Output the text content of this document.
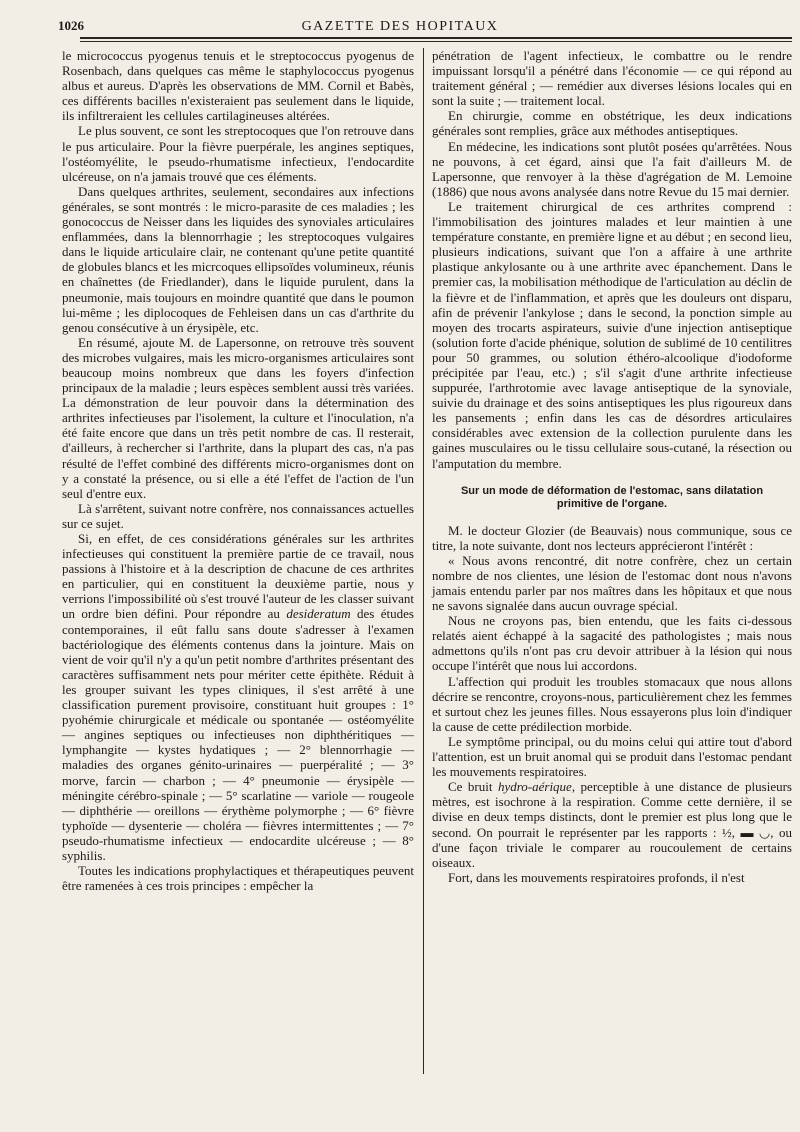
1026	GAZETTE DES HOPITAUX

le micrococcus pyogenus tenuis et le streptococcus pyogenus de Rosenbach, dans quelques cas même le staphylococcus pyogenus albus et aureus. D'après les observations de MM. Cornil et Babès, ces différents bacilles n'existeraient pas seulement dans le liquide, ils infiltreraient les cellules cartilagineuses altérées.

Le plus souvent, ce sont les streptocoques que l'on retrouve dans le pus articulaire. Pour la fièvre puerpérale, les angines septiques, l'ostéomyélite, le pseudo-rhumatisme infectieux, l'endocardite ulcéreuse, on n'a jamais trouvé que ces éléments.

Dans quelques arthrites, seulement, secondaires aux infections générales, se sont montrés : le micro-parasite de ces maladies ; les gonococcus de Neisser dans les liquides des synoviales articulaires enflammées, dans la blennorrhagie ; les streptocoques vulgaires dans le liquide articulaire clair, ne contenant qu'une petite quantité de globules blancs et les micrcoques ellipsoïdes volumineux, réunis en chaînettes (de Friedlander), dans le liquide purulent, dans la pneumonie, mais toujours en moindre quantité que dans le poumon lui-même ; les diplocoques de Fehleisen dans un cas d'arthrite du genou consécutive à un érysipèle, etc.

En résumé, ajoute M. de Lapersonne, on retrouve très souvent des microbes vulgaires, mais les micro-organismes articulaires sont beaucoup moins nombreux que dans les foyers d'infection principaux de la maladie ; leurs espèces semblent aussi très variées. La démonstration de leur pouvoir dans la détermination des arthrites infectieuses par l'isolement, la culture et l'inoculation, n'a été faite encore que dans un très petit nombre de cas. Il resterait, d'ailleurs, à rechercher si l'arthrite, dans la plupart des cas, n'a pas résulté de l'effet combiné des différents micro-organismes dont on y a constaté la présence, ou si elle a été l'effet de l'action de l'un seul d'entre eux.

Là s'arrêtent, suivant notre confrère, nos connaissances actuelles sur ce sujet.

Si, en effet, de ces considérations générales sur les arthrites infectieuses qui constituent la première partie de ce travail, nous passions à l'histoire et à la description de chacune de ces arthrites en particulier, qui en constituent la deuxième partie, nous y verrions l'impossibilité où s'est trouvé l'auteur de les classer suivant un ordre bien défini. Pour répondre au desideratum des études contemporaines, il eût fallu sans doute s'adresser à l'examen bactériologique des éléments contenus dans la jointure. Mais on vient de voir qu'il n'y a qu'un petit nombre d'arthrites présentant des caractères suffisamment nets pour mériter cette épithète. Réduit à les grouper suivant les types cliniques, il s'est arrêté à une classification purement provisoire, constituant huit groupes : 1° pyohémie chirurgicale et médicale ou spontanée — ostéomyélite — angines septiques ou infectieuses non diphthéritiques — lymphangite — kystes hydatiques ; — 2° blennorrhagie — maladies des organes génito-urinaires — puerpéralité ; — 3° morve, farcin — charbon ; — 4° pneumonie — érysipèle — méningite cérébro-spinale ; — 5° scarlatine — variole — rougeole — diphthérie — oreillons — érythème polymorphe ; — 6° fièvre typhoïde — dysenterie — choléra — fièvres intermittentes ; — 7° pseudo-rhumatisme infectieux — endocardite ulcéreuse ; — 8° syphilis.

Toutes les indications prophylactiques et thérapeutiques peuvent être ramenées à ces trois principes : empêcher la

pénétration de l'agent infectieux, le combattre ou le rendre impuissant lorsqu'il a pénétré dans l'économie — ce qui répond au traitement général ; — remédier aux diverses lésions locales qui en sont la suite ; — traitement local.

En chirurgie, comme en obstétrique, les deux indications générales sont remplies, grâce aux méthodes antiseptiques.

En médecine, les indications sont plutôt posées qu'arrêtées. Nous ne pouvons, à cet égard, ainsi que l'a fait d'ailleurs M. de Lapersonne, que renvoyer à la thèse d'agrégation de M. Lemoine (1886) que nous avons analysée dans notre Revue du 15 mai dernier.

Le traitement chirurgical de ces arthrites comprend : l'immobilisation des jointures malades et leur maintien à une température constante, en première ligne et au début ; en second lieu, plusieurs indications, suivant que l'on a affaire à une arthrite plastique ankylosante ou à une arthrite avec épanchement. Dans le premier cas, la mobilisation méthodique de l'articulation au déclin de la fièvre et de l'inflammation, et après que les douleurs ont disparu, afin de prévenir l'ankylose ; dans le second, la ponction simple au moyen des trocarts aspirateurs, suivie d'une injection antiseptique (solution forte d'acide phénique, solution de sublimé de 10 centilitres pour 50 grammes, ou solution éthéro-alcoolique d'iodoforme précipitée par l'eau, etc.) ; s'il s'agit d'une arthrite infectieuse suppurée, l'arthrotomie avec lavage antiseptique de la synoviale, suivie du drainage et des soins antiseptiques les plus rigoureux dans les pansements ; enfin dans les cas de désordres articulaires considérables avec extension de la collection purulente dans les gaines musculaires ou le tissu cellulaire sous-cutané, la résection ou l'amputation du membre.

Sur un mode de déformation de l'estomac, sans dilatation primitive de l'organe.

M. le docteur Glozier (de Beauvais) nous communique, sous ce titre, la note suivante, dont nos lecteurs apprécieront l'intérêt :

« Nous avons rencontré, dit notre confrère, chez un certain nombre de nos clientes, une lésion de l'estomac dont nous n'avons jamais entendu parler par nos maîtres dans les hôpitaux et que nous ne savons signalée dans aucun ouvrage spécial.

Nous ne croyons pas, bien entendu, que les faits ci-dessous relatés aient échappé à la sagacité des pathologistes ; mais nous admettons qu'ils n'ont pas cru devoir attribuer à la lésion qui nous occupe l'intérêt que nous lui accordons.

L'affection qui produit les troubles stomacaux que nous allons décrire se rencontre, croyons-nous, particulièrement chez les femmes et surtout chez les jeunes filles. Nous essayerons plus loin d'indiquer la cause de cette prédilection morbide.

Le symptôme principal, ou du moins celui qui attire tout d'abord l'attention, est un bruit anomal qui se produit dans l'estomac pendant les mouvements respiratoires.

Ce bruit hydro-aérique, perceptible à une distance de plusieurs mètres, est isochrone à la respiration. Comme cette dernière, il se divise en deux temps distincts, dont le premier est plus long que le second. On pourrait le représenter par les rapports : ½, ▬ ◡, ou d'une façon triviale le comparer au roucoulement de certains oiseaux.

Fort, dans les mouvements respiratoires profonds, il n'est
